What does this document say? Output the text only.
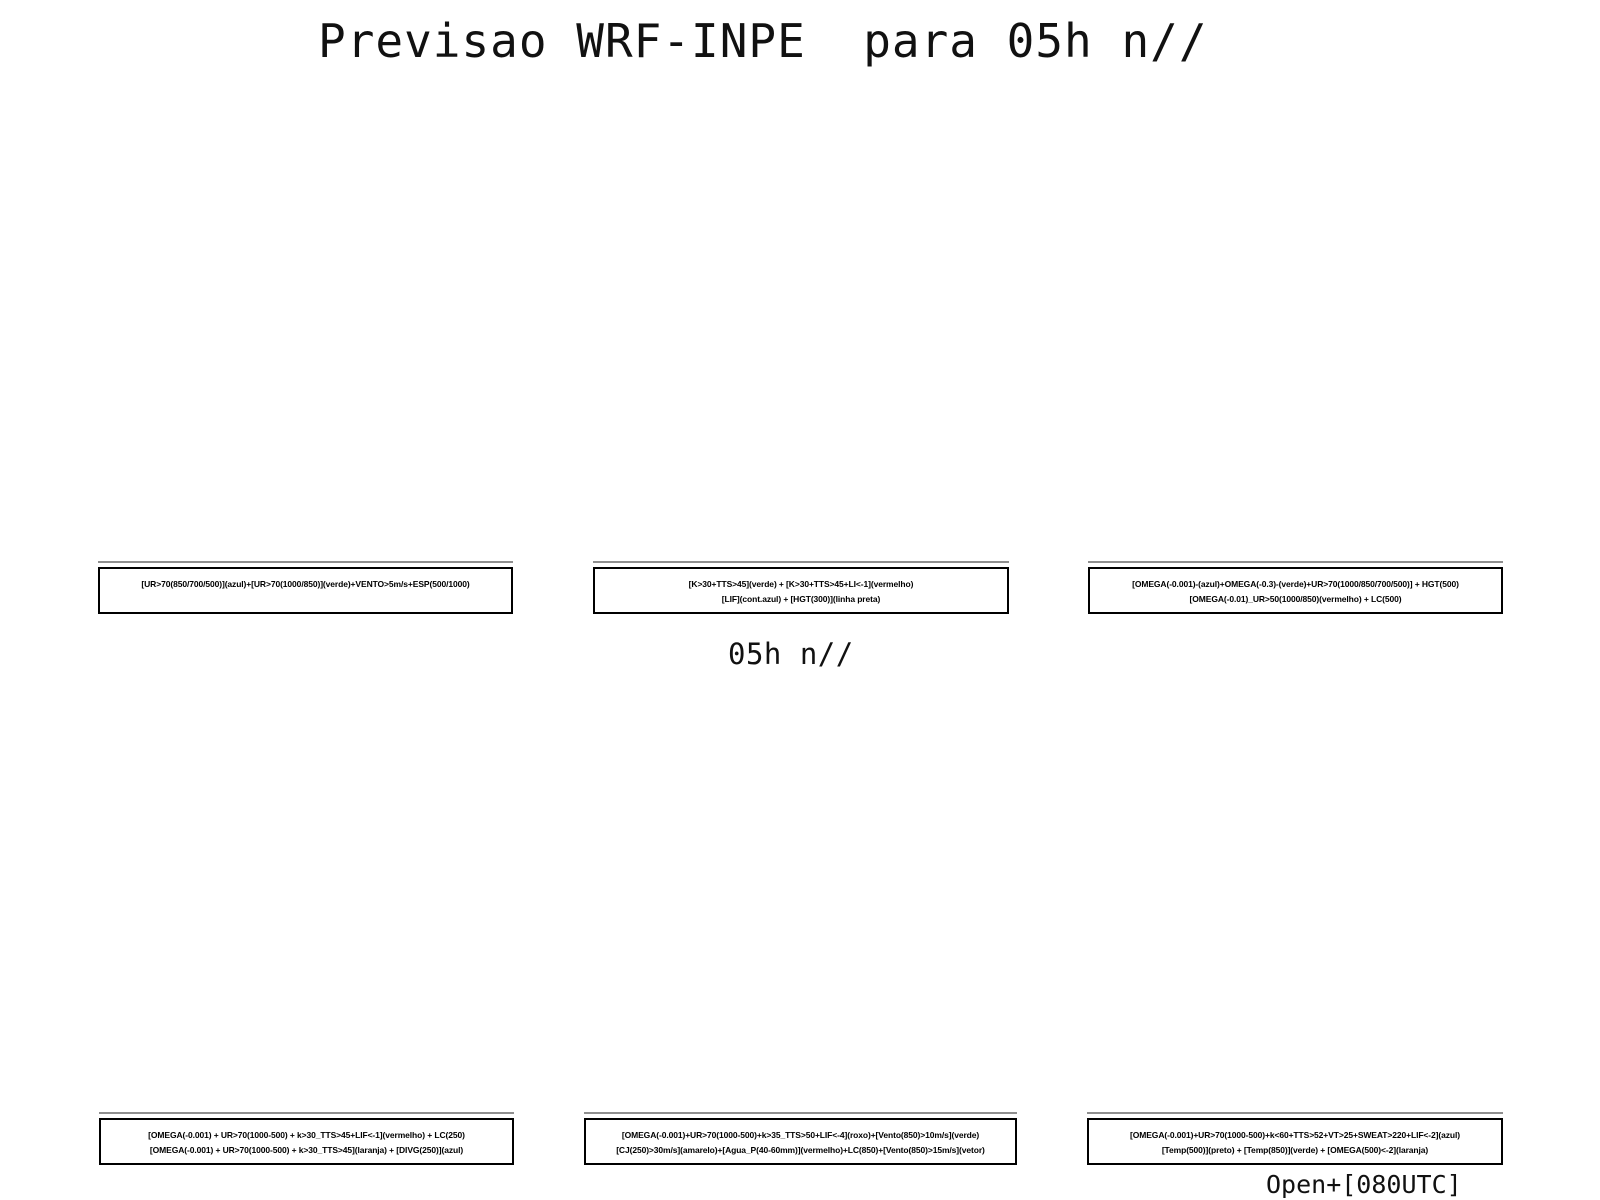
Previsao WRF-INPE  para 05h n//
[UR>70(850/700/500)](azul)+[UR>70(1000/850)](verde)+VENTO>5m/s+ESP(500/1000)	[K>30+TTS>45](verde) + [K>30+TTS>45+LI<-1](vermelho)
[LIF](cont.azul) + [HGT(300)](linha preta)
[OMEGA(-0.001)-(azul)+OMEGA(-0.3)-(verde)+UR>70(1000/850/700/500)] + HGT(500)
[OMEGA(-0.01)_UR>50(1000/850)(vermelho) + LC(500)
05h n//
[OMEGA(-0.001) + UR>70(1000-500) + k>30_TTS>45+LIF<-1](vermelho) + LC(250)
[OMEGA(-0.001) + UR>70(1000-500) + k>30_TTS>45](laranja) + [DIVG(250)](azul)
[OMEGA(-0.001)+UR>70(1000-500)+k>35_TTS>50+LIF<-4](roxo)+[Vento(850)>10m/s](verde)
[CJ(250)>30m/s](amarelo)+[Agua_P(40-60mm)](vermelho)+LC(850)+[Vento(850)>15m/s](vetor)
[OMEGA(-0.001)+UR>70(1000-500)+k<60+TTS>52+VT>25+SWEAT>220+LIF<-2](azul)
[Temp(500)](preto) + [Temp(850)](verde) + [OMEGA(500)<-2](laranja)
Open+[080UTC]
